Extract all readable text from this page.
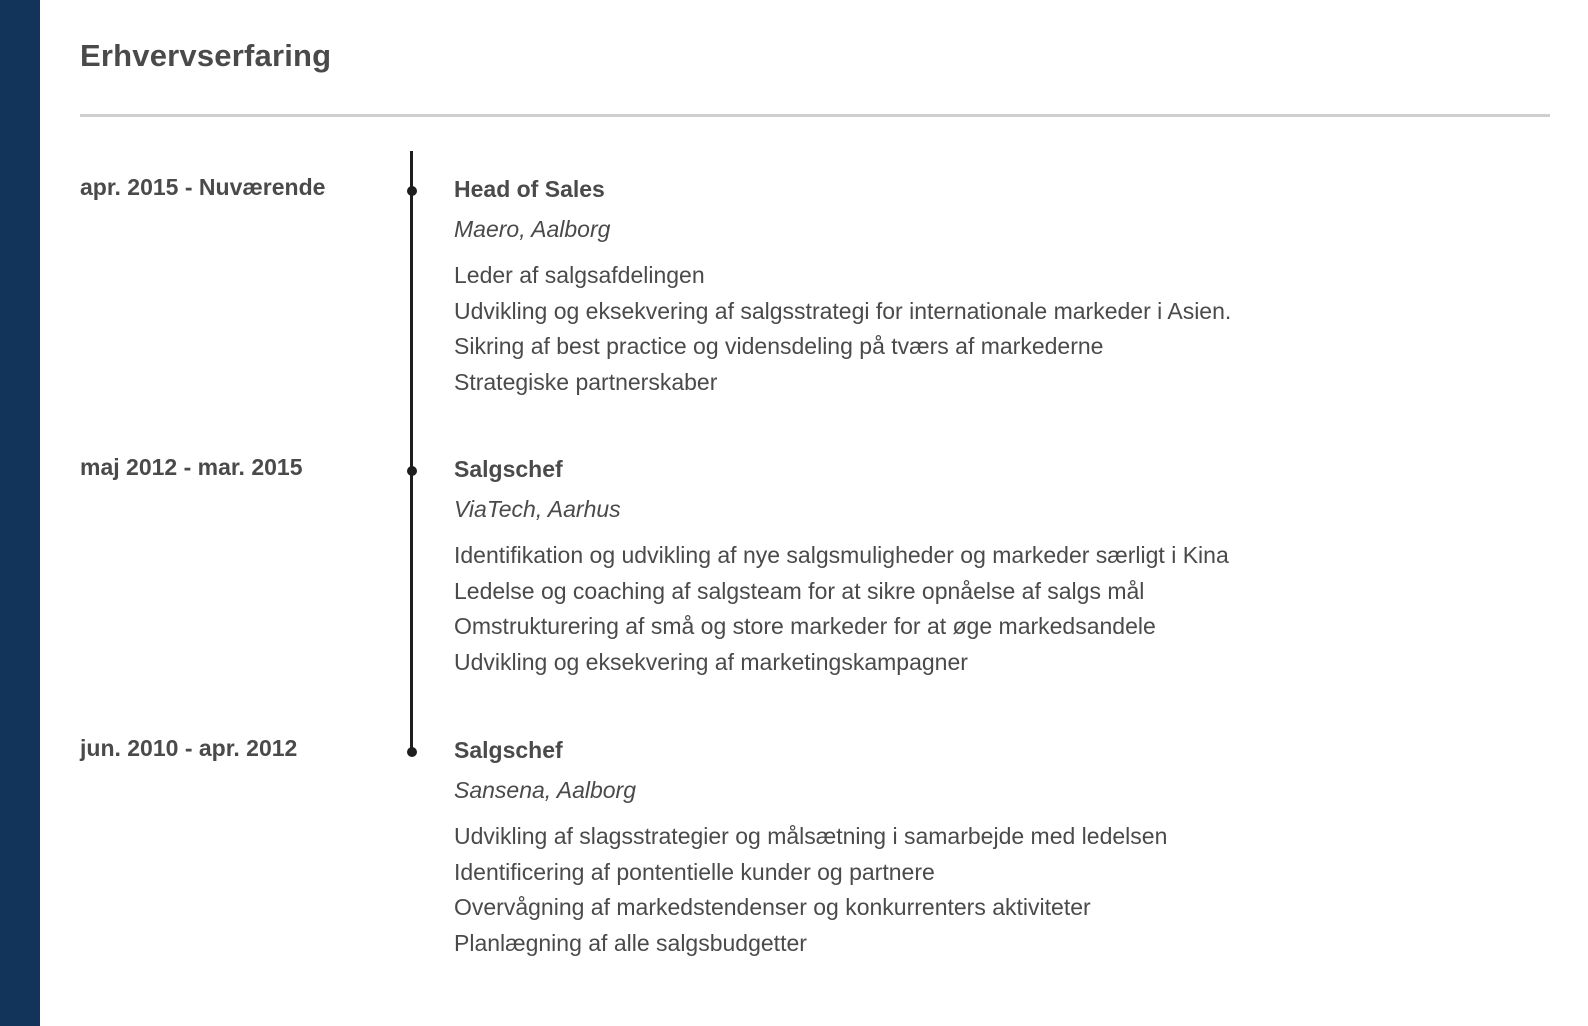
Erhvervserfaring
apr. 2015 - Nuværende	Head of Sales
Maero, Aalborg
Leder af salgsafdelingen
Udvikling og eksekvering af salgsstrategi for internationale markeder i Asien.
Sikring af best practice og vidensdeling på tværs af markederne
Strategiske partnerskaber
maj 2012 - mar. 2015	Salgschef
ViaTech, Aarhus
Identifikation og udvikling af nye salgsmuligheder og markeder særligt i Kina
Ledelse og coaching af salgsteam for at sikre opnåelse af salgs mål
Omstrukturering af små og store markeder for at øge markedsandele
Udvikling og eksekvering af marketingskampagner
jun. 2010 - apr. 2012	Salgschef
Sansena, Aalborg
Udvikling af slagsstrategier og målsætning i samarbejde med ledelsen
Identificering af pontentielle kunder og partnere
Overvågning af markedstendenser og konkurrenters aktiviteter
Planlægning af alle salgsbudgetter
